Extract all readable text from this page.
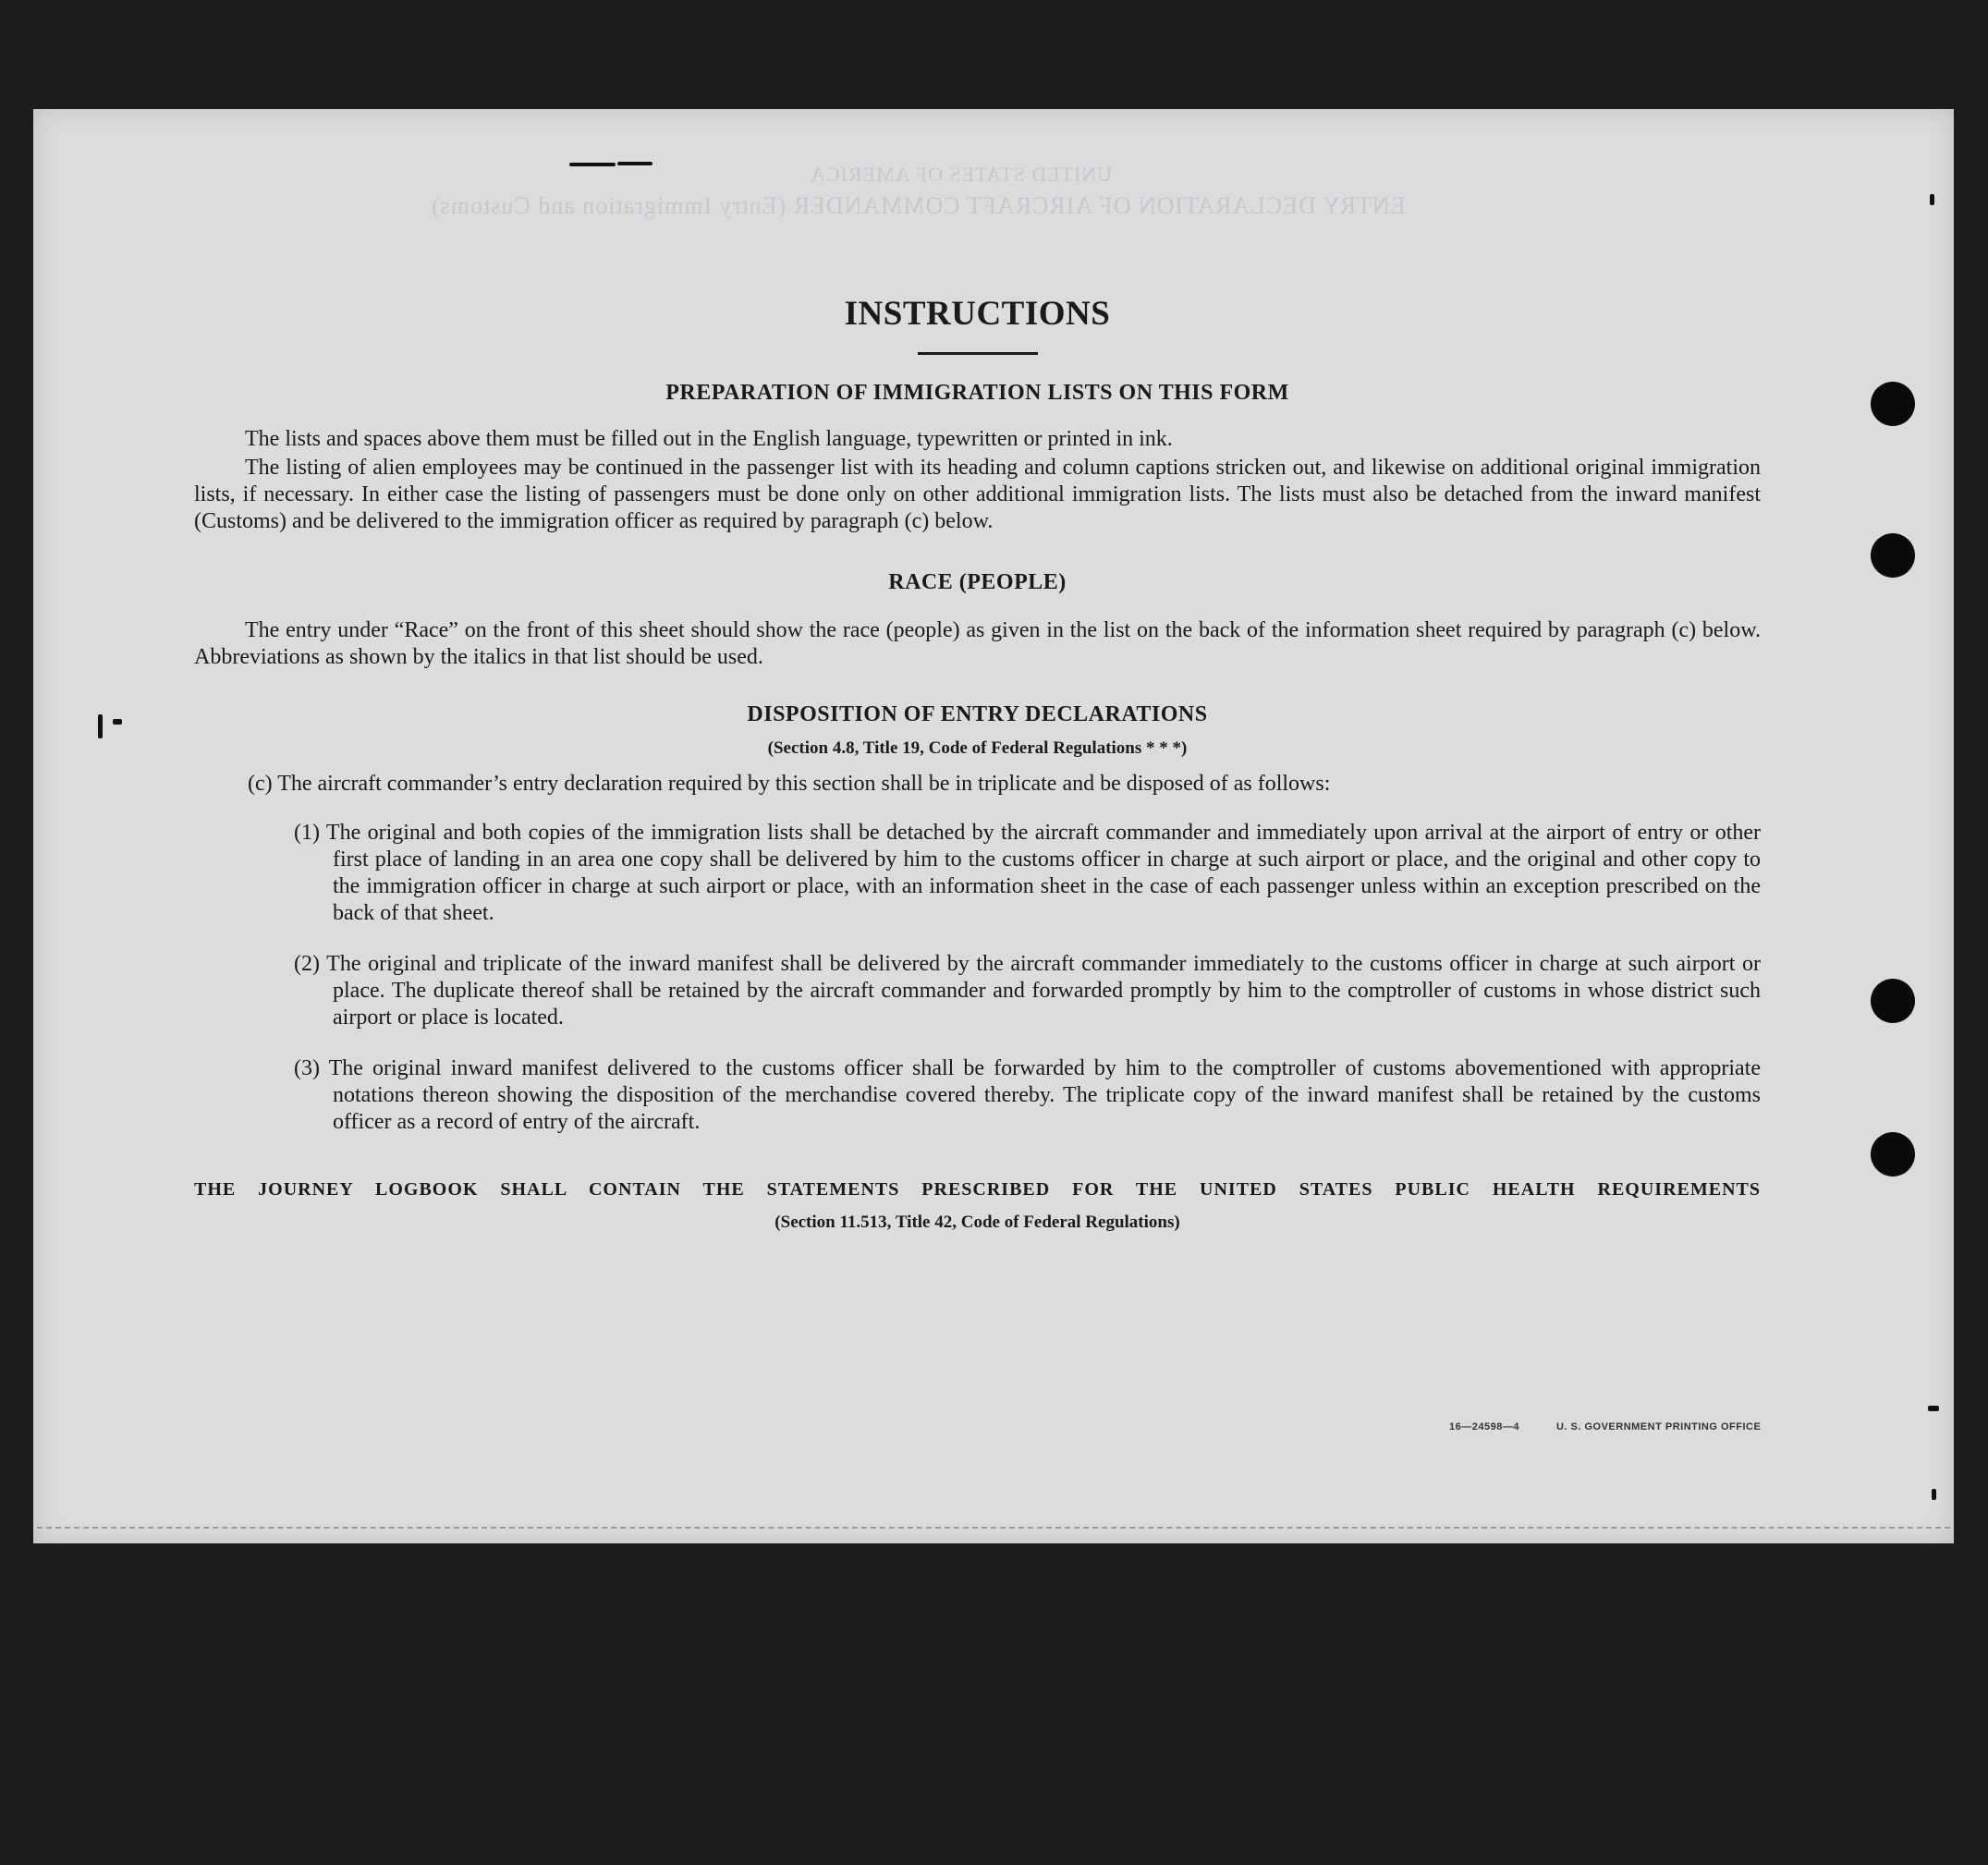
UNITED STATES OF AMERICA
ENTRY DECLARATION OF AIRCRAFT COMMANDER (Entry Immigration and Customs)
16—24598—4	U. S. GOVERNMENT PRINTING OFFICE
INSTRUCTIONS
PREPARATION OF IMMIGRATION LISTS ON THIS FORM

The lists and spaces above them must be filled out in the English language, typewritten or printed in ink.

The listing of alien employees may be continued in the passenger list with its heading and column captions stricken out, and likewise on additional original immigration lists, if necessary. In either case the listing of passengers must be done only on other additional immigration lists. The lists must also be detached from the inward manifest (Customs) and be delivered to the immigration officer as required by paragraph (c) below.

RACE (PEOPLE)

The entry under “Race” on the front of this sheet should show the race (people) as given in the list on the back of the information sheet required by paragraph (c) below. Abbreviations as shown by the italics in that list should be used.

DISPOSITION OF ENTRY DECLARATIONS

(Section 4.8, Title 19, Code of Federal Regulations * * *)

(c) The aircraft commander’s entry declaration required by this section shall be in triplicate and be disposed of as follows:

(1) The original and both copies of the immigration lists shall be detached by the aircraft commander and immediately upon arrival at the airport of entry or other first place of landing in an area one copy shall be delivered by him to the customs officer in charge at such airport or place, and the original and other copy to the immigration officer in charge at such airport or place, with an information sheet in the case of each passenger unless within an exception prescribed on the back of that sheet.
(2) The original and triplicate of the inward manifest shall be delivered by the aircraft commander immediately to the customs officer in charge at such airport or place. The duplicate thereof shall be retained by the aircraft commander and forwarded promptly by him to the comptroller of customs in whose district such airport or place is located.
(3) The original inward manifest delivered to the customs officer shall be forwarded by him to the comptroller of customs abovementioned with appropriate notations thereon showing the disposition of the merchandise covered thereby. The triplicate copy of the inward manifest shall be retained by the customs officer as a record of entry of the aircraft.

THE JOURNEY LOGBOOK SHALL CONTAIN THE STATEMENTS PRESCRIBED FOR THE UNITED STATES PUBLIC HEALTH REQUIREMENTS

(Section 11.513, Title 42, Code of Federal Regulations)
